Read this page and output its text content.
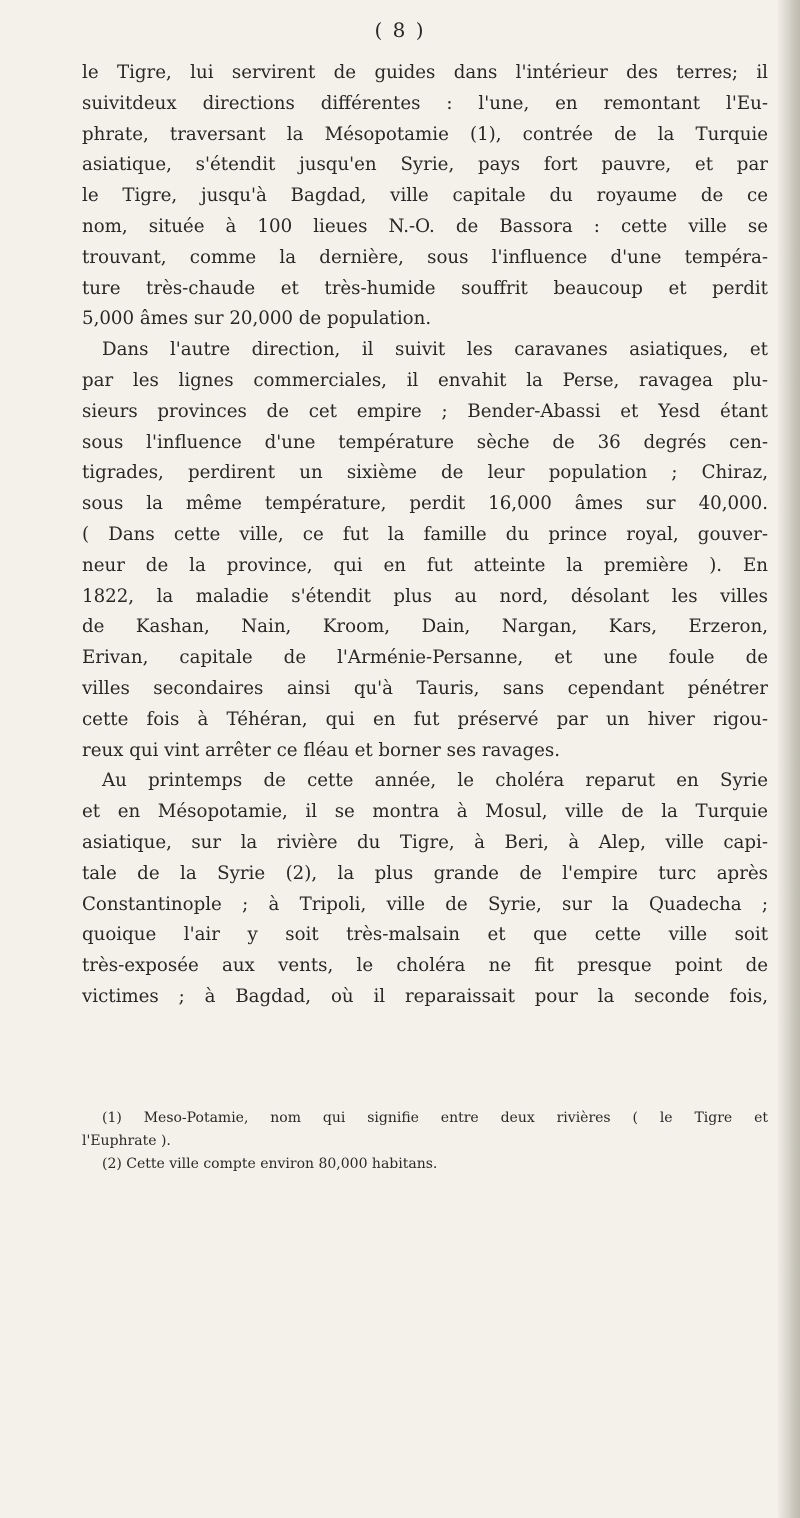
( 8 )
le Tigre, lui servirent de guides dans l'intérieur des terres; il
suivitdeux directions différentes : l'une, en remontant l'Eu-
phrate, traversant la Mésopotamie (1), contrée de la Turquie
asiatique, s'étendit jusqu'en Syrie, pays fort pauvre, et par
le Tigre, jusqu'à Bagdad, ville capitale du royaume de ce
nom, située à 100 lieues N.-O. de Bassora : cette ville se
trouvant, comme la dernière, sous l'influence d'une tempéra-
ture très-chaude et très-humide souffrit beaucoup et perdit
5,000 âmes sur 20,000 de population.
Dans l'autre direction, il suivit les caravanes asiatiques, et
par les lignes commerciales, il envahit la Perse, ravagea plu-
sieurs provinces de cet empire ; Bender-Abassi et Yesd étant
sous l'influence d'une température sèche de 36 degrés cen-
tigrades, perdirent un sixième de leur population ; Chiraz,
sous la même température, perdit 16,000 âmes sur 40,000.
( Dans cette ville, ce fut la famille du prince royal, gouver-
neur de la province, qui en fut atteinte la première ). En
1822, la maladie s'étendit plus au nord, désolant les villes
de Kashan, Nain, Kroom, Dain, Nargan, Kars, Erzeron,
Erivan, capitale de l'Arménie-Persanne, et une foule de
villes secondaires ainsi qu'à Tauris, sans cependant pénétrer
cette fois à Téhéran, qui en fut préservé par un hiver rigou-
reux qui vint arrêter ce fléau et borner ses ravages.
Au printemps de cette année, le choléra reparut en Syrie
et en Mésopotamie, il se montra à Mosul, ville de la Turquie
asiatique, sur la rivière du Tigre, à Beri, à Alep, ville capi-
tale de la Syrie (2), la plus grande de l'empire turc après
Constantinople ; à Tripoli, ville de Syrie, sur la Quadecha ;
quoique l'air y soit très-malsain et que cette ville soit
très-exposée aux vents, le choléra ne fit presque point de
victimes ; à Bagdad, où il reparaissait pour la seconde fois,
(1) Meso-Potamie, nom qui signifie entre deux rivières ( le Tigre et
l'Euphrate ).
(2) Cette ville compte environ 80,000 habitans.
